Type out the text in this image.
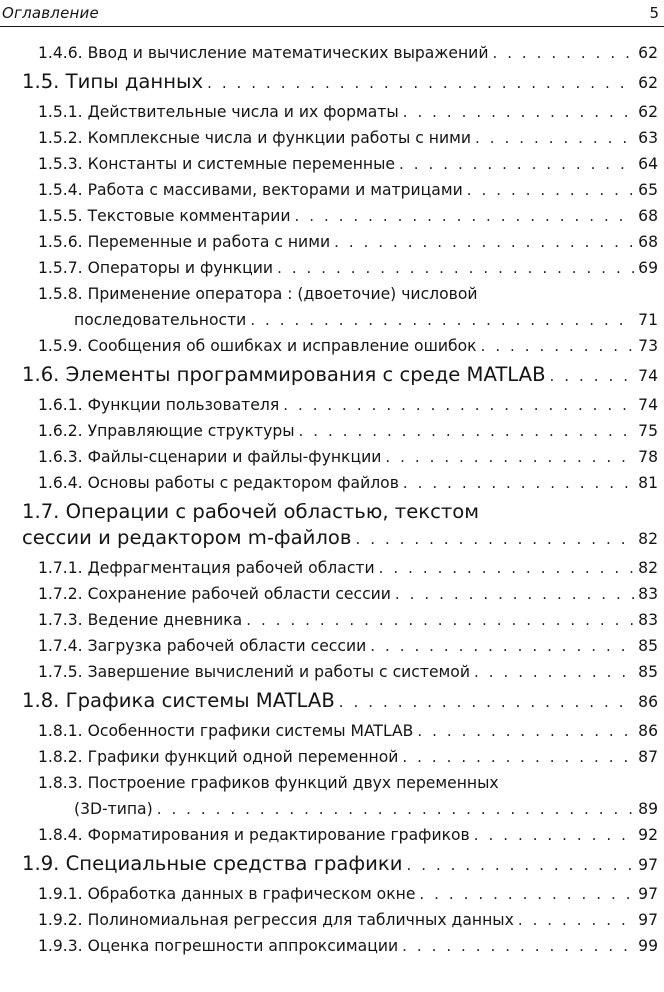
Оглавление	5
1.4.6. Ввод и вычисление математических выражений . . .	62
1.5. Типы данных . . .	62
1.5.1. Действительные числа и их форматы . . .	62
1.5.2. Комплексные числа и функции работы с ними . . .	63
1.5.3. Константы и системные переменные . . .	64
1.5.4. Работа с массивами, векторами и матрицами . . .	65
1.5.5. Текстовые комментарии . . .	68
1.5.6. Переменные и работа с ними . . .	68
1.5.7. Операторы и функции . . .	69
1.5.8. Применение оператора : (двоеточие) числовой
последовательности . . .	71
1.5.9. Сообщения об ошибках и исправление ошибок . . .	73
1.6. Элементы программирования с среде MATLAB . . .	74
1.6.1. Функции пользователя . . .	74
1.6.2. Управляющие структуры . . .	75
1.6.3. Файлы-сценарии и файлы-функции . . .	78
1.6.4. Основы работы с редактором файлов . . .	81
1.7. Операции с рабочей областью, текстом
сессии и редактором m-файлов . . .	82
1.7.1. Дефрагментация рабочей области . . .	82
1.7.2. Сохранение рабочей области сессии . . .	83
1.7.3. Ведение дневника . . .	83
1.7.4. Загрузка рабочей области сессии . . .	85
1.7.5. Завершение вычислений и работы с системой . . .	85
1.8. Графика системы MATLAB . . .	86
1.8.1. Особенности графики системы MATLAB . . .	86
1.8.2. Графики функций одной переменной . . .	87
1.8.3. Построение графиков функций двух переменных
(3D-типа) . . .	89
1.8.4. Форматирования и редактирование графиков . . .	92
1.9. Специальные средства графики . . .	97
1.9.1. Обработка данных в графическом окне . . .	97
1.9.2. Полиномиальная регрессия для табличных данных . . .	97
1.9.3. Оценка погрешности аппроксимации . . .	99
